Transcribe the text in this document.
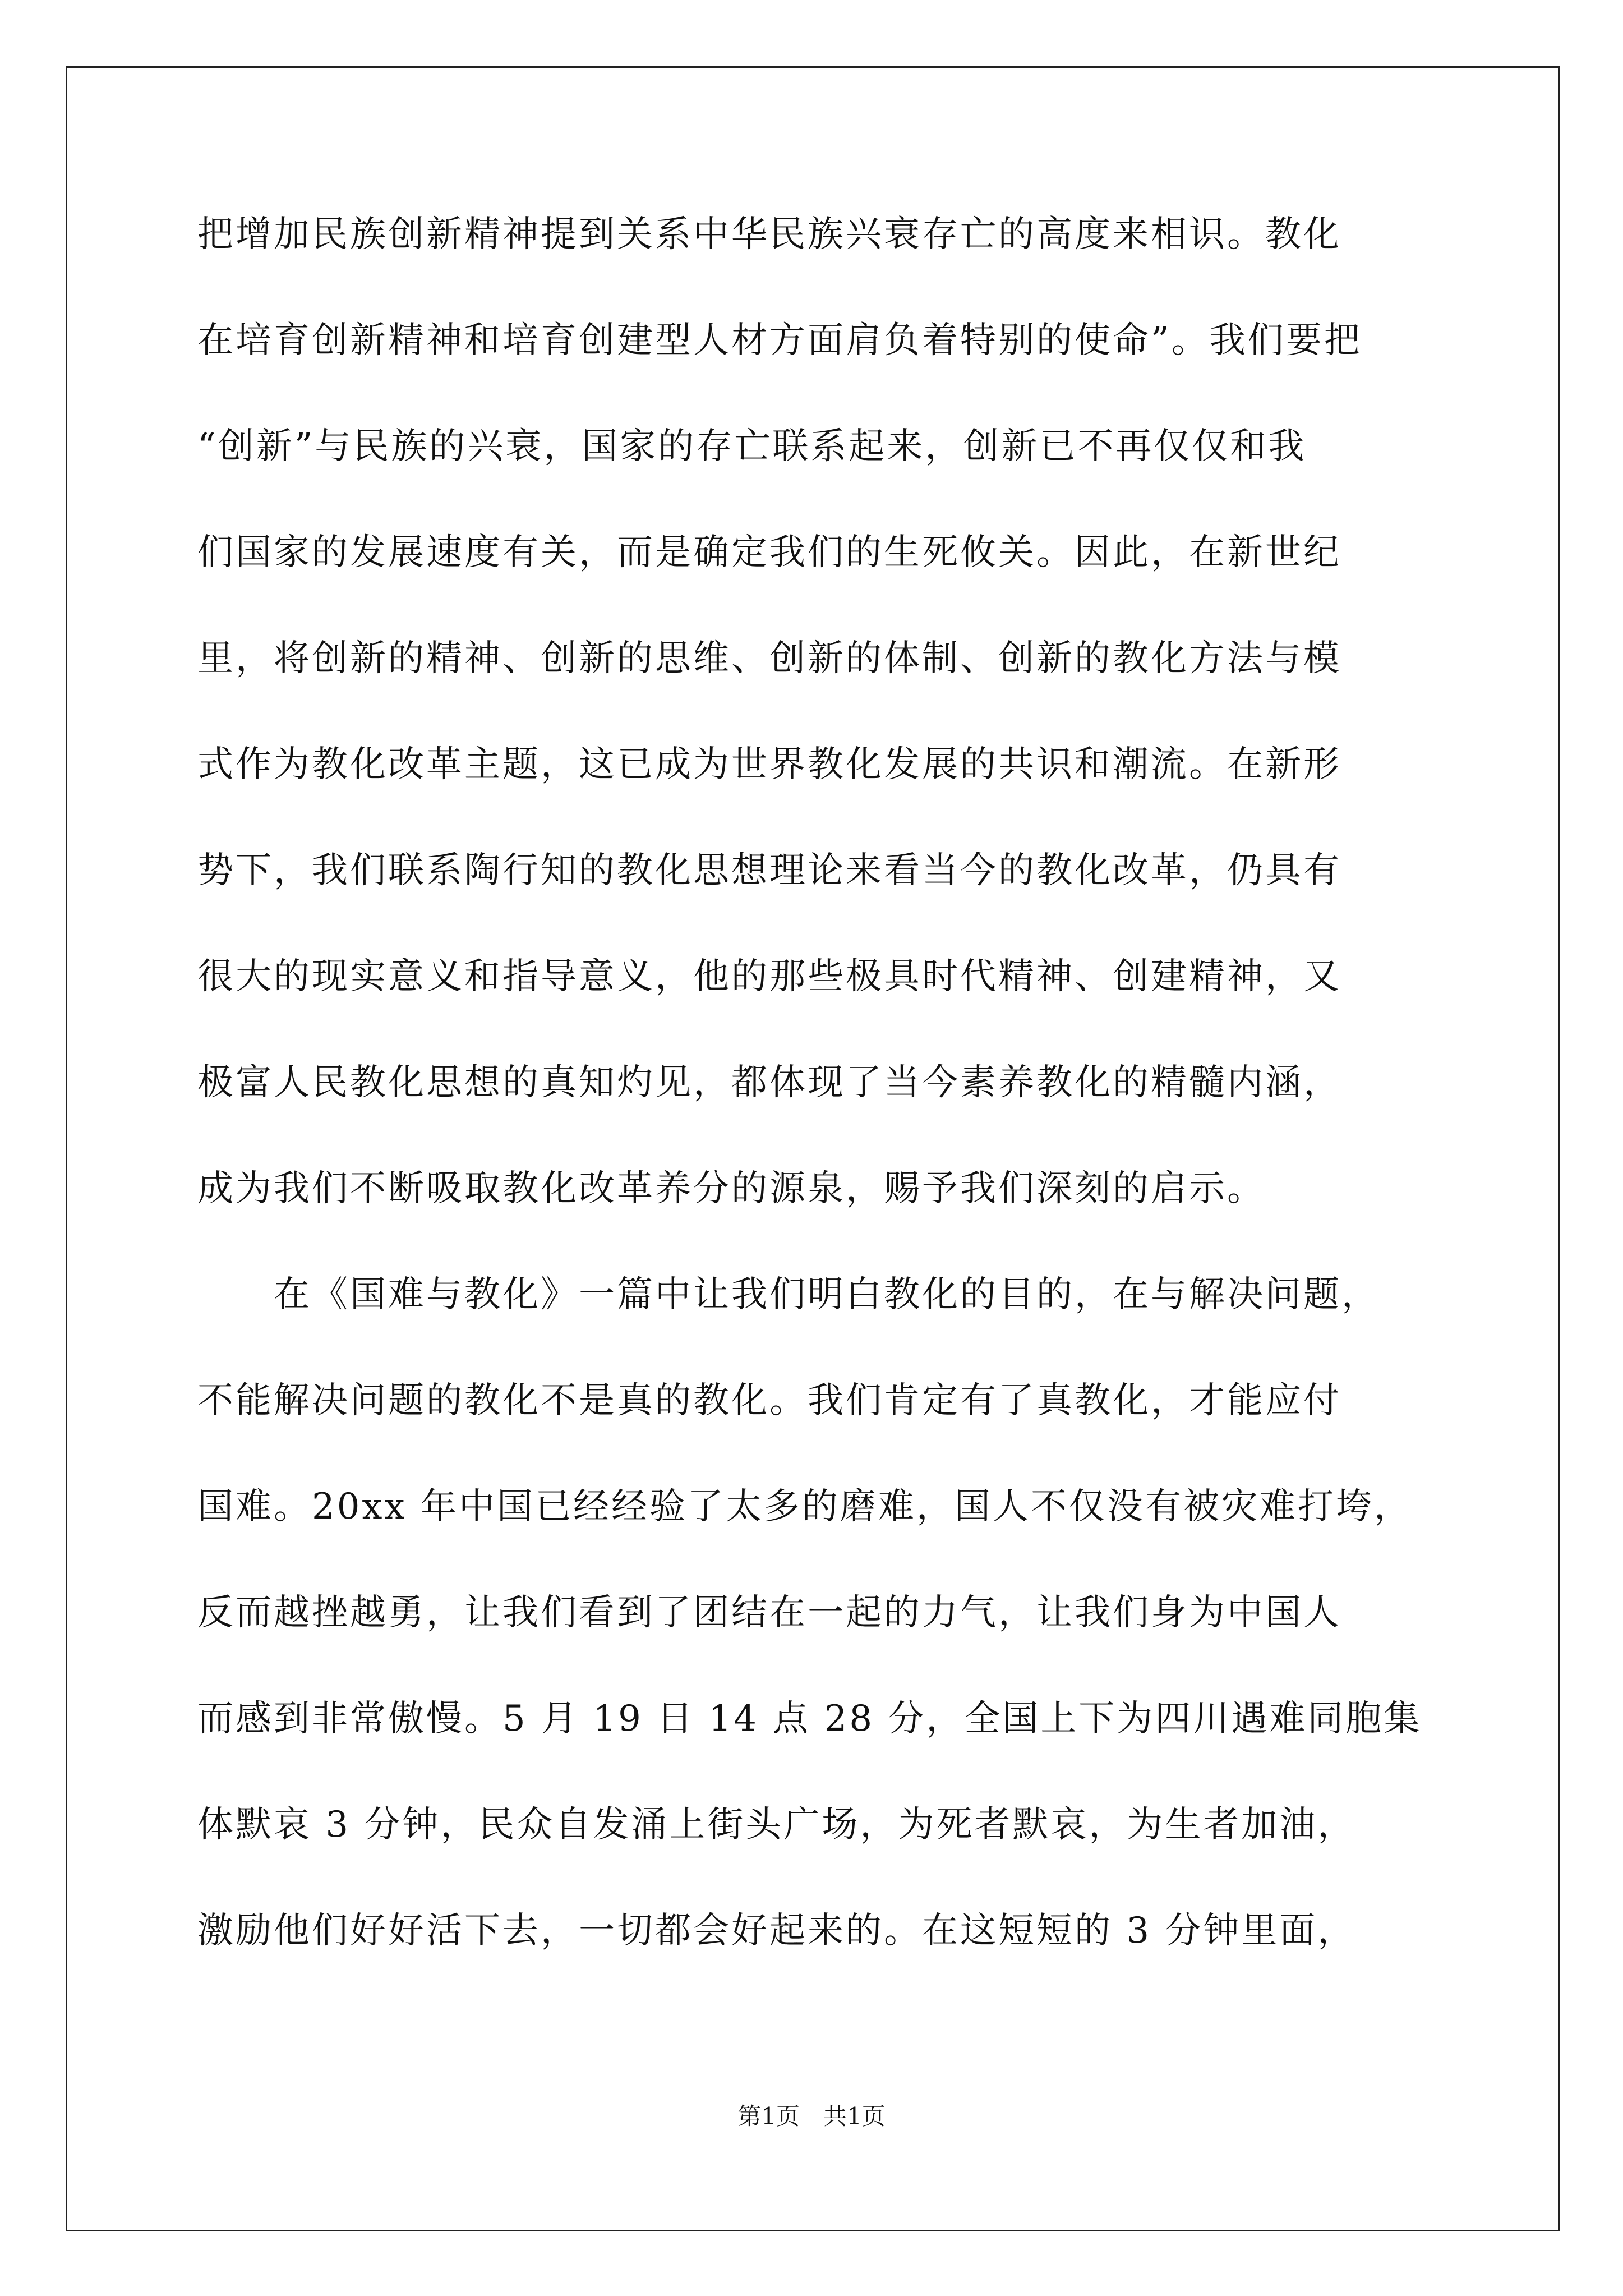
把增加民族创新精神提到关系中华民族兴衰存亡的高度来相识。教化
在培育创新精神和培育创建型人材方面肩负着特别的使命”。我们要把
“创新”与民族的兴衰，国家的存亡联系起来，创新已不再仅仅和我
们国家的发展速度有关，而是确定我们的生死攸关。因此，在新世纪
里，将创新的精神、创新的思维、创新的体制、创新的教化方法与模
式作为教化改革主题，这已成为世界教化发展的共识和潮流。在新形
势下，我们联系陶行知的教化思想理论来看当今的教化改革，仍具有
很大的现实意义和指导意义，他的那些极具时代精神、创建精神，又
极富人民教化思想的真知灼见，都体现了当今素养教化的精髓内涵，
成为我们不断吸取教化改革养分的源泉，赐予我们深刻的启示。
　　在《国难与教化》一篇中让我们明白教化的目的，在与解决问题，
不能解决问题的教化不是真的教化。我们肯定有了真教化，才能应付
国难。20xx 年中国已经经验了太多的磨难，国人不仅没有被灾难打垮，
反而越挫越勇，让我们看到了团结在一起的力气，让我们身为中国人
而感到非常傲慢。5 月 19 日 14 点 28 分，全国上下为四川遇难同胞集
体默哀 3 分钟，民众自发涌上街头广场，为死者默哀，为生者加油，
激励他们好好活下去，一切都会好起来的。在这短短的 3 分钟里面，
第1页　共1页
